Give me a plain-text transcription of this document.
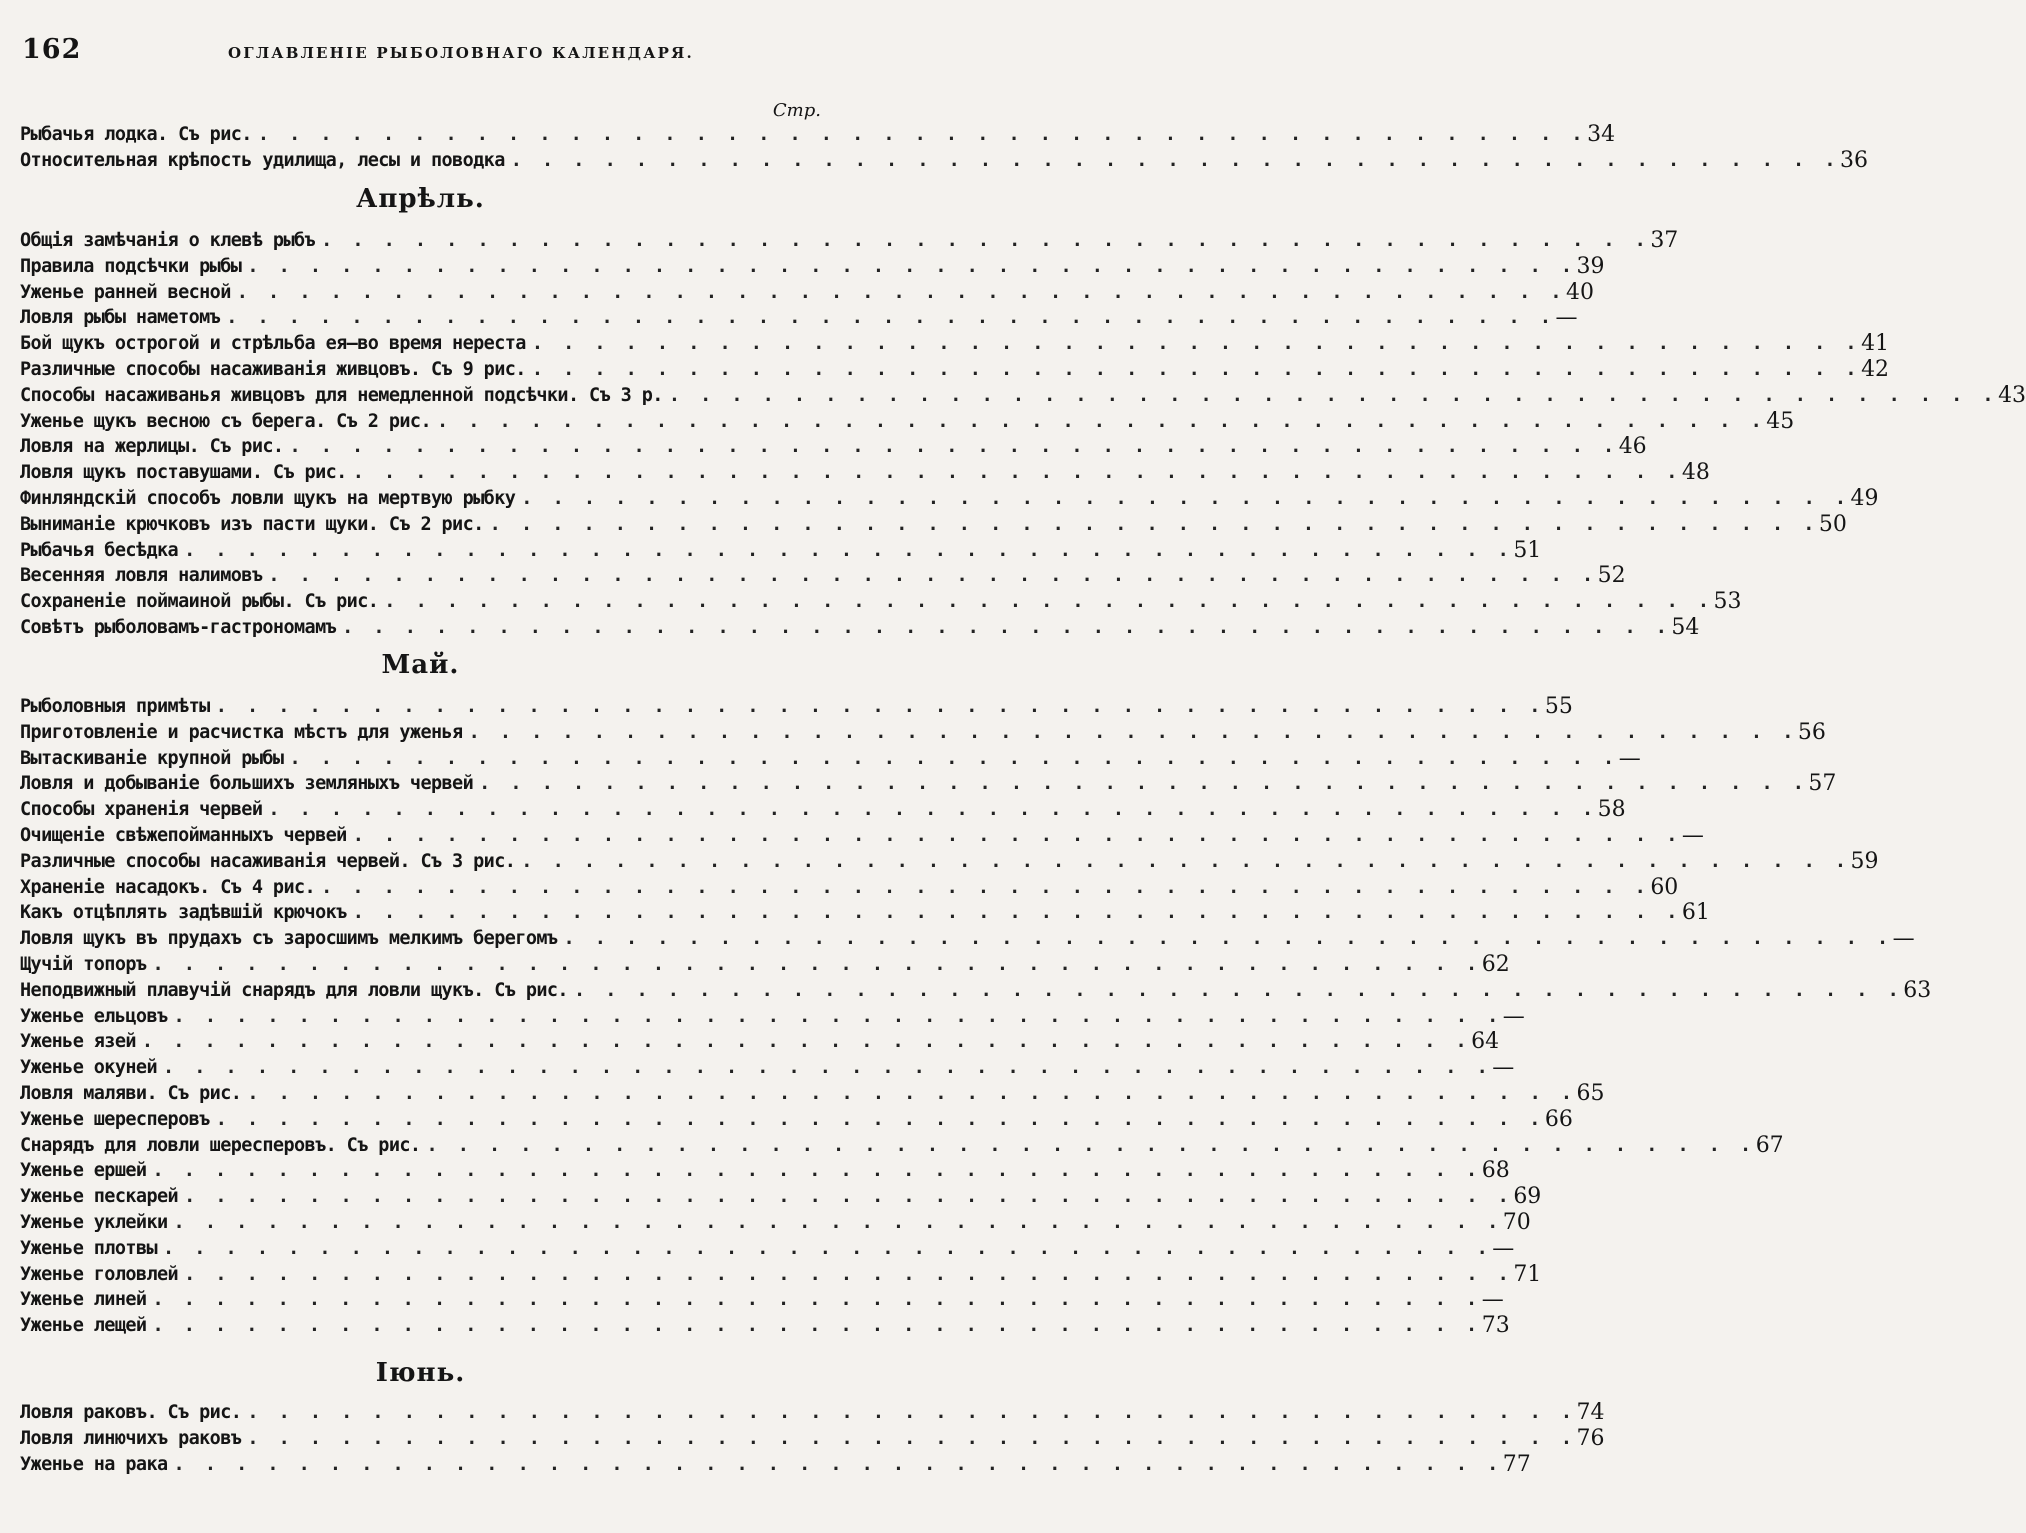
162	ОГЛАВЛЕНІЕ РЫБОЛОВНАГО КАЛЕНДАРЯ.
Стр.
Рыбачья лодка. Съ рис. . . . . . . . . . . . . . . . . . . . . . . . . . . . . . . . . . . . . . . . . . . . 34
Относительная крѣпость удилища, лесы и поводка . . . . . . . . . . . . . . . . . . . . . . . . . . . . . . . . . . . . . . . . . . . 36
Апрѣль.
Общія замѣчанія о клевѣ рыбъ . . . . . . . . . . . . . . . . . . . . . . . . . . . . . . . . . . . . . . . . . . . 37
Правила подсѣчки рыбы . . . . . . . . . . . . . . . . . . . . . . . . . . . . . . . . . . . . . . . . . . . 39
Уженье ранней весной . . . . . . . . . . . . . . . . . . . . . . . . . . . . . . . . . . . . . . . . . . . 40
Ловля рыбы наметомъ . . . . . . . . . . . . . . . . . . . . . . . . . . . . . . . . . . . . . . . . . . . —
Бой щукъ острогой и стрѣльба ея—во время нереста . . . . . . . . . . . . . . . . . . . . . . . . . . . . . . . . . . . . . . . . . . . 41
Различные способы насаживанія живцовъ. Съ 9 рис. . . . . . . . . . . . . . . . . . . . . . . . . . . . . . . . . . . . . . . . . . . . 42
Способы насаживанья живцовъ для немедленной подсѣчки. Съ 3 р. . . . . . . . . . . . . . . . . . . . . . . . . . . . . . . . . . . . . . . . . . . . 43
Уженье щукъ весною съ берега. Съ 2 рис. . . . . . . . . . . . . . . . . . . . . . . . . . . . . . . . . . . . . . . . . . . . 45
Ловля на жерлицы. Съ рис. . . . . . . . . . . . . . . . . . . . . . . . . . . . . . . . . . . . . . . . . . . . 46
Ловля щукъ поставушами. Съ рис. . . . . . . . . . . . . . . . . . . . . . . . . . . . . . . . . . . . . . . . . . . . 48
Финляндскій способъ ловли щукъ на мертвую рыбку . . . . . . . . . . . . . . . . . . . . . . . . . . . . . . . . . . . . . . . . . . . 49
Выниманіе крючковъ изъ пасти щуки. Съ 2 рис. . . . . . . . . . . . . . . . . . . . . . . . . . . . . . . . . . . . . . . . . . . . 50
Рыбачья бесѣдка . . . . . . . . . . . . . . . . . . . . . . . . . . . . . . . . . . . . . . . . . . . 51
Весенняя ловля налимовъ . . . . . . . . . . . . . . . . . . . . . . . . . . . . . . . . . . . . . . . . . . . 52
Сохраненіе поймаиной рыбы. Съ рис. . . . . . . . . . . . . . . . . . . . . . . . . . . . . . . . . . . . . . . . . . . . 53
Совѣтъ рыболовамъ-гастрономамъ . . . . . . . . . . . . . . . . . . . . . . . . . . . . . . . . . . . . . . . . . . . 54
Май.
Рыболовныя примѣты . . . . . . . . . . . . . . . . . . . . . . . . . . . . . . . . . . . . . . . . . . . 55
Приготовленіе и расчистка мѣстъ для уженья . . . . . . . . . . . . . . . . . . . . . . . . . . . . . . . . . . . . . . . . . . . 56
Вытаскиваніе крупной рыбы . . . . . . . . . . . . . . . . . . . . . . . . . . . . . . . . . . . . . . . . . . . —
Ловля и добываніе большихъ земляныхъ червей . . . . . . . . . . . . . . . . . . . . . . . . . . . . . . . . . . . . . . . . . . . 57
Способы храненія червей . . . . . . . . . . . . . . . . . . . . . . . . . . . . . . . . . . . . . . . . . . . 58
Очищеніе свѣжепойманныхъ червей . . . . . . . . . . . . . . . . . . . . . . . . . . . . . . . . . . . . . . . . . . . —
Различные способы насаживанія червей. Съ 3 рис. . . . . . . . . . . . . . . . . . . . . . . . . . . . . . . . . . . . . . . . . . . . 59
Храненіе насадокъ. Съ 4 рис. . . . . . . . . . . . . . . . . . . . . . . . . . . . . . . . . . . . . . . . . . . . 60
Какъ отцѣплять задѣвшій крючокъ . . . . . . . . . . . . . . . . . . . . . . . . . . . . . . . . . . . . . . . . . . . 61
Ловля щукъ въ прудахъ съ заросшимъ мелкимъ берегомъ . . . . . . . . . . . . . . . . . . . . . . . . . . . . . . . . . . . . . . . . . . . —
Щучій топоръ . . . . . . . . . . . . . . . . . . . . . . . . . . . . . . . . . . . . . . . . . . . 62
Неподвижный плавучій снарядъ для ловли щукъ. Съ рис. . . . . . . . . . . . . . . . . . . . . . . . . . . . . . . . . . . . . . . . . . . . 63
Уженье ельцовъ . . . . . . . . . . . . . . . . . . . . . . . . . . . . . . . . . . . . . . . . . . . —
Уженье язей . . . . . . . . . . . . . . . . . . . . . . . . . . . . . . . . . . . . . . . . . . . 64
Уженье окуней . . . . . . . . . . . . . . . . . . . . . . . . . . . . . . . . . . . . . . . . . . . —
Ловля маляви. Съ рис. . . . . . . . . . . . . . . . . . . . . . . . . . . . . . . . . . . . . . . . . . . . 65
Уженье шересперовъ . . . . . . . . . . . . . . . . . . . . . . . . . . . . . . . . . . . . . . . . . . . 66
Снарядъ для ловли шересперовъ. Съ рис. . . . . . . . . . . . . . . . . . . . . . . . . . . . . . . . . . . . . . . . . . . . 67
Уженье ершей . . . . . . . . . . . . . . . . . . . . . . . . . . . . . . . . . . . . . . . . . . . 68
Уженье пескарей . . . . . . . . . . . . . . . . . . . . . . . . . . . . . . . . . . . . . . . . . . . 69
Уженье уклейки . . . . . . . . . . . . . . . . . . . . . . . . . . . . . . . . . . . . . . . . . . . 70
Уженье плотвы . . . . . . . . . . . . . . . . . . . . . . . . . . . . . . . . . . . . . . . . . . . —
Уженье головлей . . . . . . . . . . . . . . . . . . . . . . . . . . . . . . . . . . . . . . . . . . . 71
Уженье линей . . . . . . . . . . . . . . . . . . . . . . . . . . . . . . . . . . . . . . . . . . . —
Уженье лещей . . . . . . . . . . . . . . . . . . . . . . . . . . . . . . . . . . . . . . . . . . . 73
Іюнь.
Ловля раковъ. Съ рис. . . . . . . . . . . . . . . . . . . . . . . . . . . . . . . . . . . . . . . . . . . . 74
Ловля линючихъ раковъ . . . . . . . . . . . . . . . . . . . . . . . . . . . . . . . . . . . . . . . . . . . 76
Уженье на рака . . . . . . . . . . . . . . . . . . . . . . . . . . . . . . . . . . . . . . . . . . . 77
